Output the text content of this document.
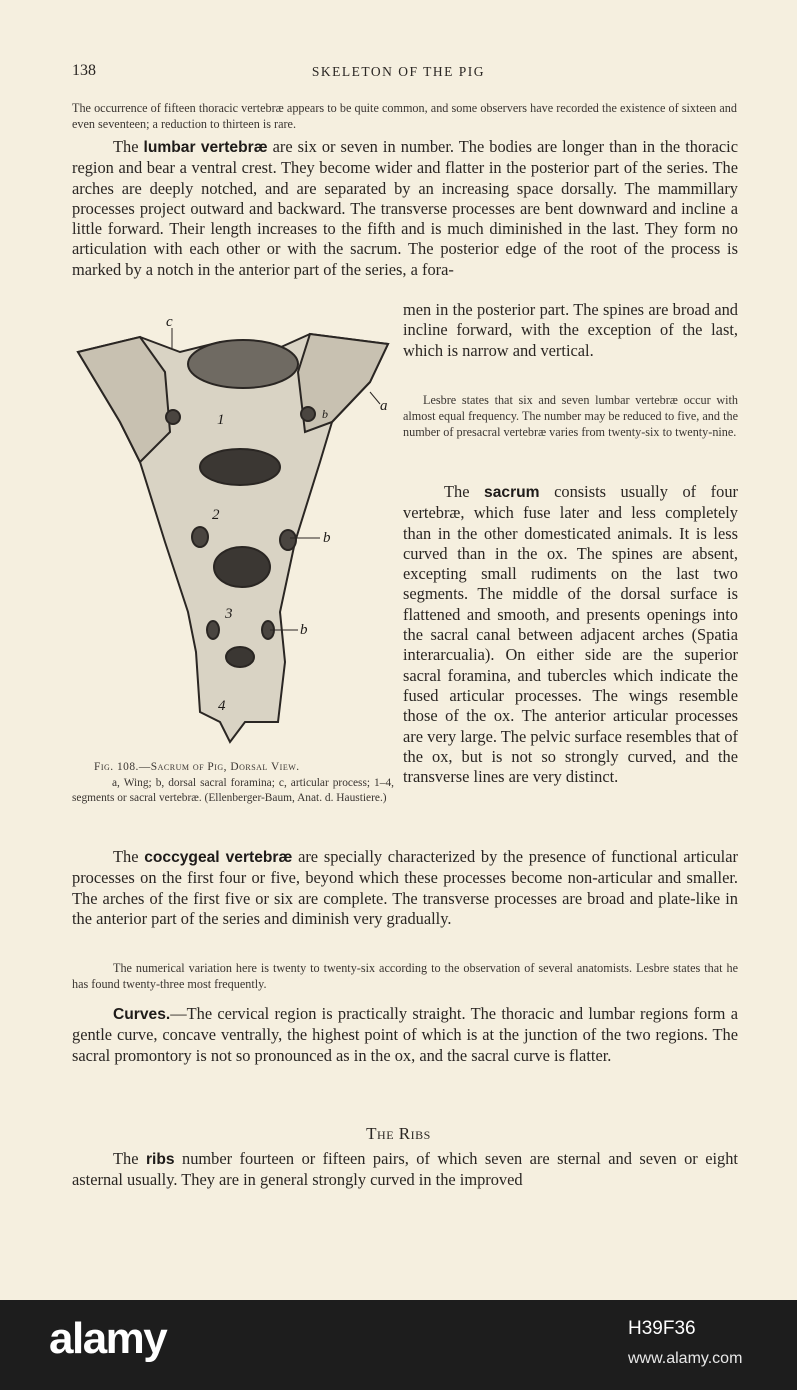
138	SKELETON OF THE PIG

The occurrence of fifteen thoracic vertebræ appears to be quite common, and some observers have recorded the existence of sixteen and even seventeen; a reduction to thirteen is rare.

The lumbar vertebræ are six or seven in number. The bodies are longer than in the thoracic region and bear a ventral crest. They become wider and flatter in the posterior part of the series. The arches are deeply notched, and are separated by an increasing space dorsally. The mammillary processes project outward and backward. The transverse processes are bent downward and incline a little forward. Their length increases to the fifth and is much diminished in the last. They form no articulation with each other or with the sacrum. The posterior edge of the root of the process is marked by a notch in the anterior part of the series, a fora-

men in the posterior part. The spines are broad and incline forward, with the exception of the last, which is narrow and vertical.

Lesbre states that six and seven lumbar vertebræ occur with almost equal frequency. The number may be reduced to five, and the number of presacral vertebræ varies from twenty-six to twenty-nine.

The sacrum consists usually of four vertebræ, which fuse later and less completely than in the other domesticated animals. It is less curved than in the ox. The spines are absent, excepting small rudiments on the last two segments. The middle of the dorsal surface is flattened and smooth, and presents openings into the sacral canal between adjacent arches (Spatia interarcualia). On either side are the superior sacral foramina, and tubercles which indicate the fused articular processes. The wings resemble those of the ox. The anterior articular processes are very large. The pelvic surface resembles that of the ox, but is not so strongly curved, and the transverse lines are very distinct.

c
a
b
b
b
1
2
3
4
Fig. 108.—Sacrum of Pig, Dorsal View.
a, Wing; b, dorsal sacral foramina; c, articular process; 1–4, segments or sacral vertebræ. (Ellenberger-Baum, Anat. d. Haustiere.)

The coccygeal vertebræ are specially characterized by the presence of functional articular processes on the first four or five, beyond which these processes become non-articular and smaller. The arches of the first five or six are complete. The transverse processes are broad and plate-like in the anterior part of the series and diminish very gradually.

The numerical variation here is twenty to twenty-six according to the observation of several anatomists. Lesbre states that he has found twenty-three most frequently.

Curves.—The cervical region is practically straight. The thoracic and lumbar regions form a gentle curve, concave ventrally, the highest point of which is at the junction of the two regions. The sacral promontory is not so pronounced as in the ox, and the sacral curve is flatter.

The Ribs

The ribs number fourteen or fifteen pairs, of which seven are sternal and seven or eight asternal usually. They are in general strongly curved in the improved

alamy	H39F36
www.alamy.com
